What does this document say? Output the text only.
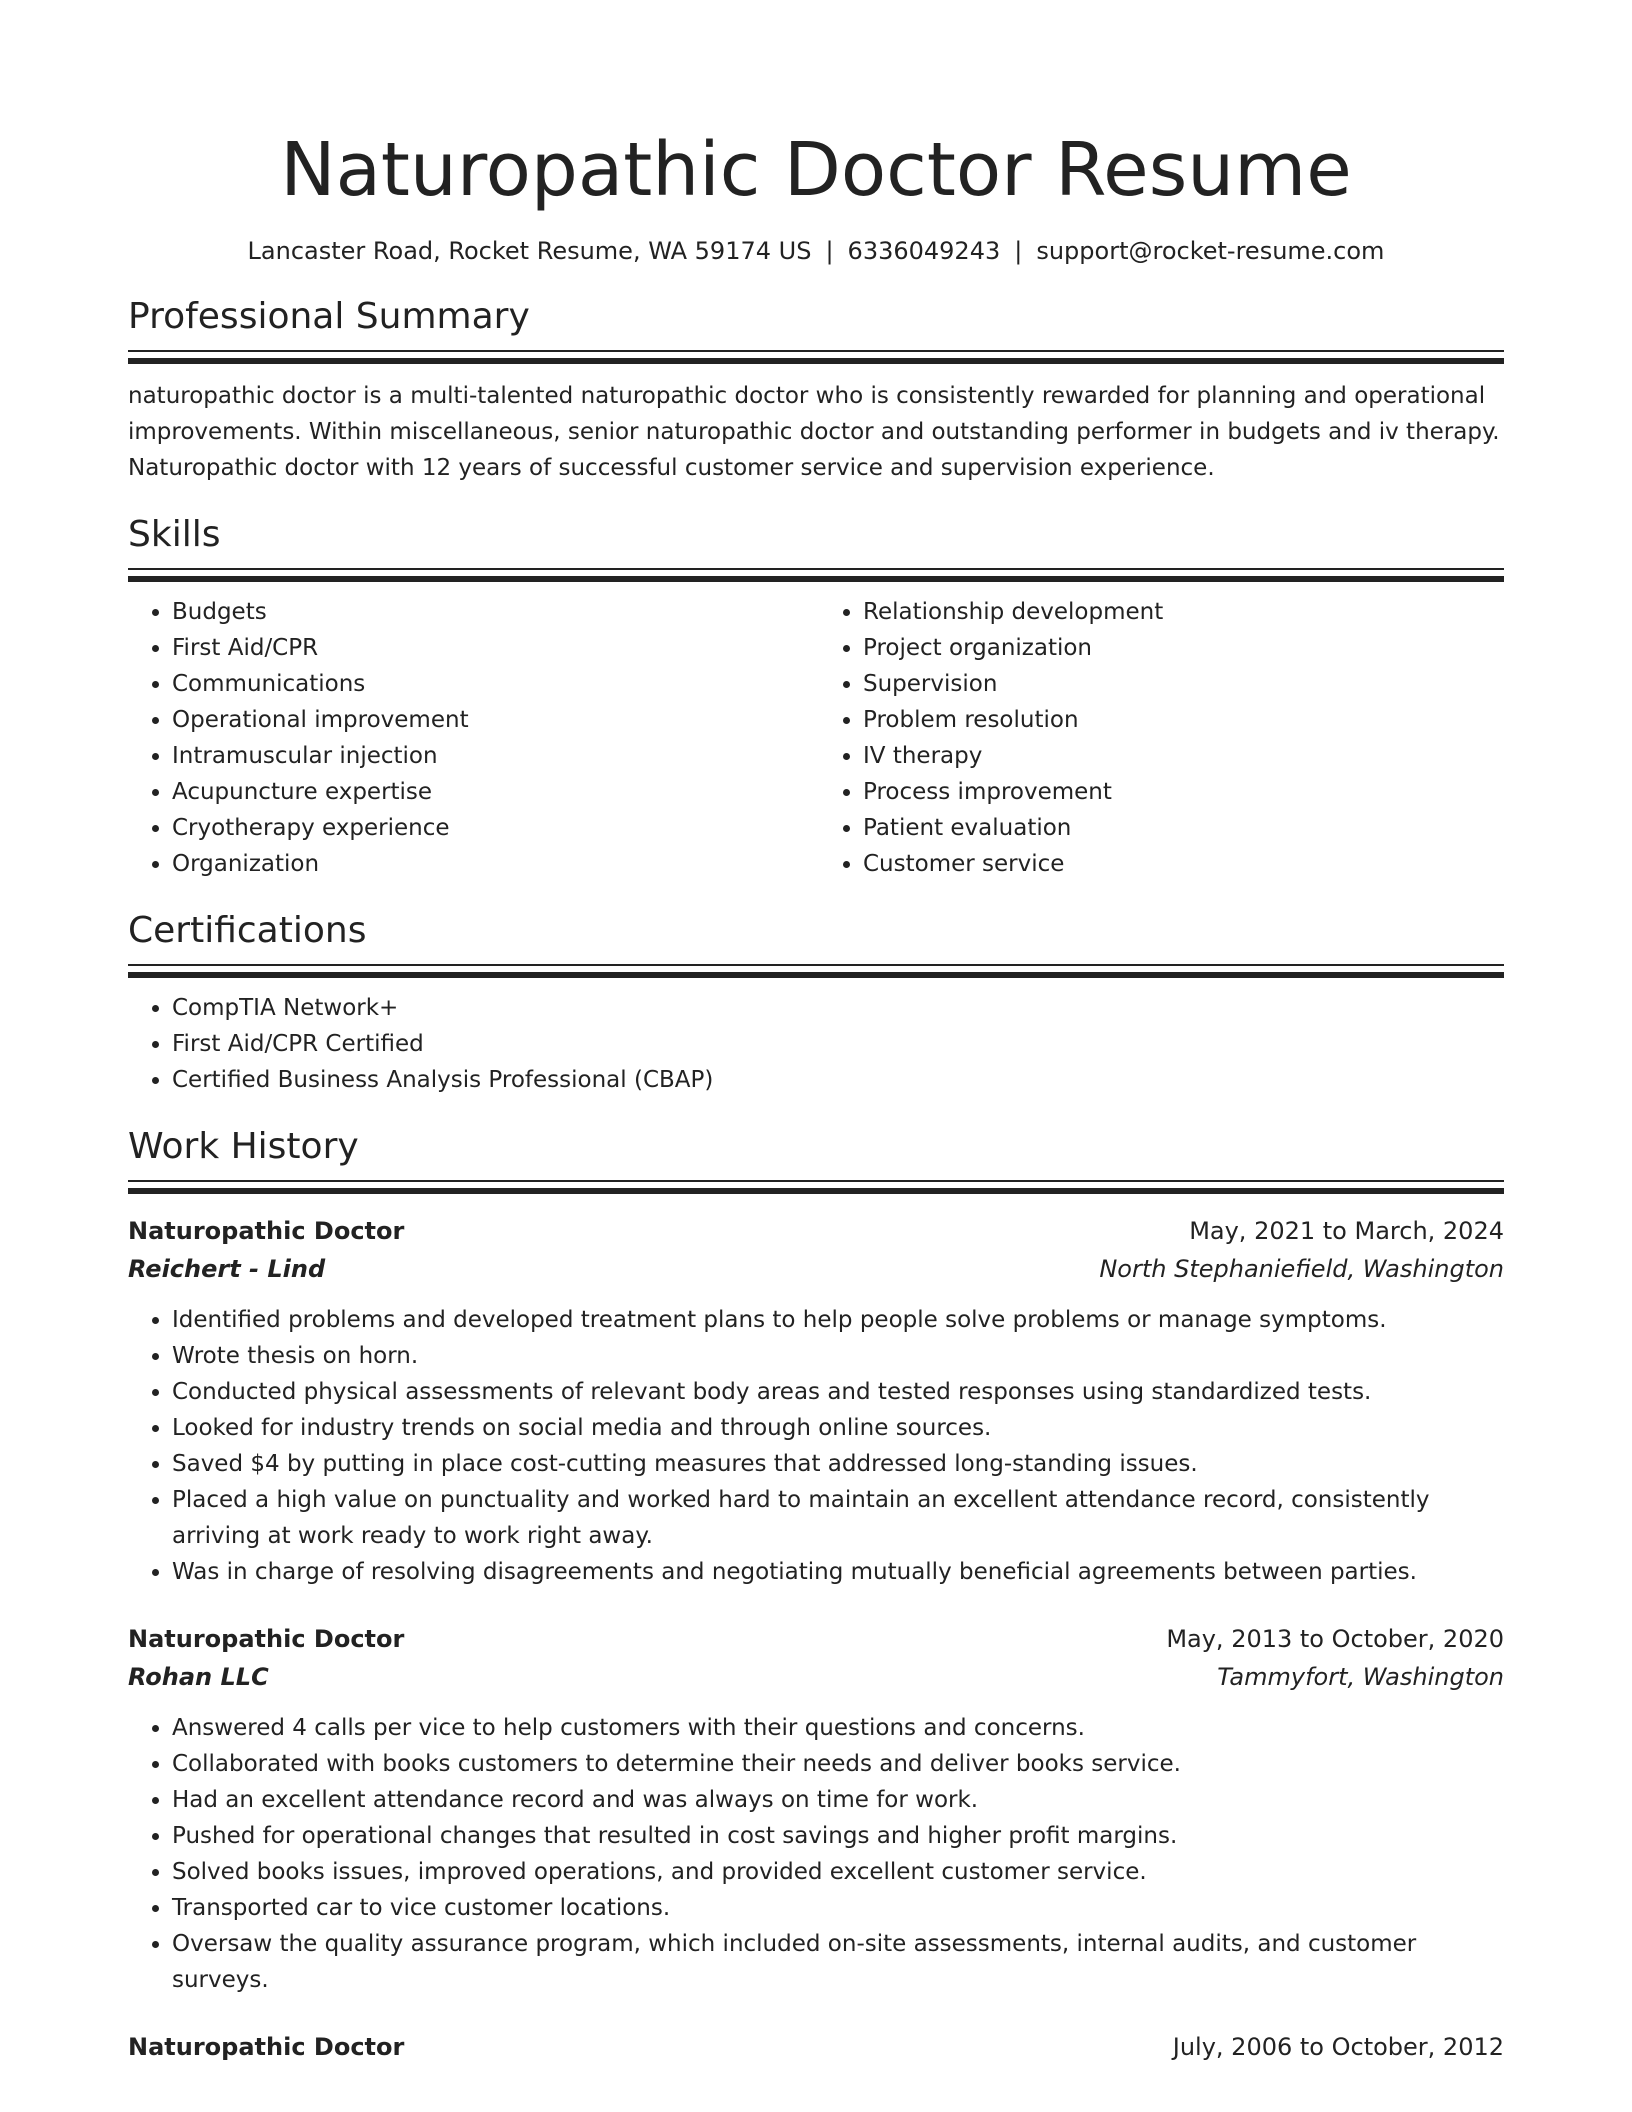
Naturopathic Doctor Resume
Lancaster Road, Rocket Resume, WA 59174 US | 6336049243 | support@rocket-resume.com
Professional Summary

naturopathic doctor is a multi-talented naturopathic doctor who is consistently rewarded for planning and operational improvements. Within miscellaneous, senior naturopathic doctor and outstanding performer in budgets and iv therapy. Naturopathic doctor with 12 years of successful customer service and supervision experience.

Skills
• Budgets
• First Aid/CPR
• Communications
• Operational improvement
• Intramuscular injection
• Acupuncture expertise
• Cryotherapy experience
• Organization
• Relationship development
• Project organization
• Supervision
• Problem resolution
• IV therapy
• Process improvement
• Patient evaluation
• Customer service
Certifications
• CompTIA Network+
• First Aid/CPR Certified
• Certified Business Analysis Professional (CBAP)
Work History
Naturopathic Doctor	May, 2021 to March, 2024
Reichert - Lind	North Stephaniefield, Washington
• Identified problems and developed treatment plans to help people solve problems or manage symptoms.
• Wrote thesis on horn.
• Conducted physical assessments of relevant body areas and tested responses using standardized tests.
• Looked for industry trends on social media and through online sources.
• Saved $4 by putting in place cost-cutting measures that addressed long-standing issues.
• Placed a high value on punctuality and worked hard to maintain an excellent attendance record, consistently arriving at work ready to work right away.
• Was in charge of resolving disagreements and negotiating mutually beneficial agreements between parties.
Naturopathic Doctor	May, 2013 to October, 2020
Rohan LLC	Tammyfort, Washington
• Answered 4 calls per vice to help customers with their questions and concerns.
• Collaborated with books customers to determine their needs and deliver books service.
• Had an excellent attendance record and was always on time for work.
• Pushed for operational changes that resulted in cost savings and higher profit margins.
• Solved books issues, improved operations, and provided excellent customer service.
• Transported car to vice customer locations.
• Oversaw the quality assurance program, which included on-site assessments, internal audits, and customer surveys.
Naturopathic Doctor	July, 2006 to October, 2012
